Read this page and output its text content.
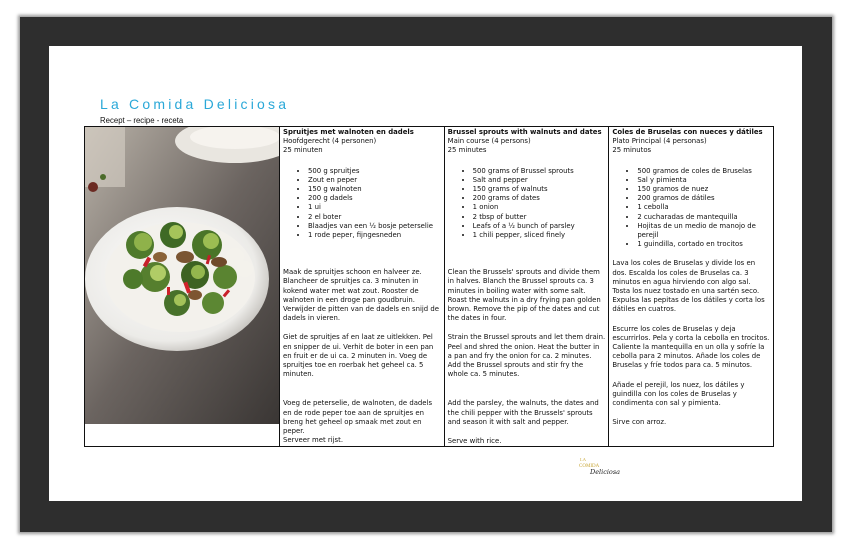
La Comida Deliciosa
Recept – recipe - receta

Spruitjes met walnoten en dadels
Hoofdgerecht (4 personen)
25 minuten
• 500 g spruitjes
• Zout en peper
• 150 g walnoten
• 200 g dadels
• 1 ui
• 2 el boter
• Blaadjes van een ½ bosje peterselie
• 1 rode peper, fijngesneden

Maak de spruitjes schoon en halveer ze. Blancheer de spruitjes ca. 3 minuten in kokend water met wat zout. Rooster de walnoten in een droge pan goudbruin. Verwijder de pitten van de dadels en snijd de dadels in vieren.

Giet de spruitjes af en laat ze uitlekken. Pel en snipper de ui. Verhit de boter in een pan en fruit er de ui ca. 2 minuten in. Voeg de spruitjes toe en roerbak het geheel ca. 5 minuten.

Voeg de peterselie, de walnoten, de dadels en de rode peper toe aan de spruitjes en breng het geheel op smaak met zout en peper.

Serveer met rijst.

Brussel sprouts with walnuts and dates
Main course (4 persons)
25 minutes
• 500 grams of Brussel sprouts
• Salt and pepper
• 150 grams of walnuts
• 200 grams of dates
• 1 onion
• 2 tbsp of butter
• Leafs of a ½ bunch of parsley
• 1 chili pepper, sliced finely

Clean the Brussels' sprouts and divide them in halves. Blanch the Brussel sprouts ca. 3 minutes in boiling water with some salt. Roast the walnuts in a dry frying pan golden brown. Remove the pip of the dates and cut the dates in four.

Strain the Brussel sprouts and let them drain. Peel and shred the onion. Heat the butter in a pan and fry the onion for ca. 2 minutes. Add the Brussel sprouts and stir fry the whole ca. 5 minutes.

Add the parsley, the walnuts, the dates and the chili pepper with the Brussels' sprouts and season it with salt and pepper.

Serve with rice.

Coles de Bruselas con nueces y dátiles
Plato Principal (4 personas)
25 minutos
• 500 gramos de coles de Bruselas
• Sal y pimienta
• 150 gramos de nuez
• 200 gramos de dátiles
• 1 cebolla
• 2 cucharadas de mantequilla
• Hojitas de un medio de manojo de perejil
• 1 guindilla, cortado en trocitos

Lava los coles de Bruselas y divide los en dos. Escalda los coles de Bruselas ca. 3 minutos en agua hirviendo con algo sal. Tosta los nuez tostado en una sartén seco. Expulsa las pepitas de los dátiles y corta los dátiles en cuatros.

Escurre los coles de Bruselas y deja escurrirlos. Pela y corta la cebolla en trocitos. Caliente la mantequilla en un olla y sofríe la cebolla para 2 minutos. Añade los coles de Bruselas y fríe todos para ca. 5 minutos.

Añade el perejil, los nuez, los dátiles y guindilla con los coles de Bruselas y condimenta con sal y pimienta.

Sirve con arroz.
LA
COMIDA
Deliciosa
